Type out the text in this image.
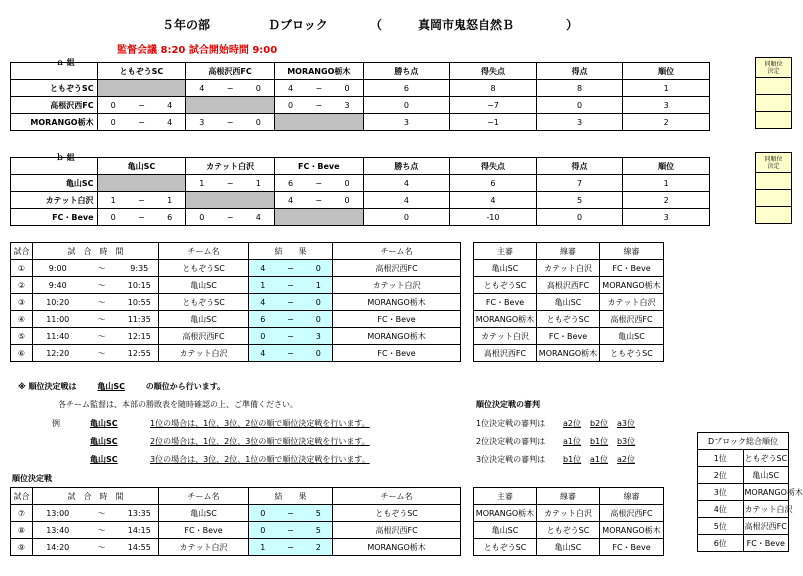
５年の部	Ｄブロック	（	真岡市鬼怒自然Ｂ	）
監督会議 8:20 試合開始時間 9:00
ａ 組
	ともぞうSC			高根沢西FC			MORANGO栃木			勝ち点	得失点	得点	順位
ともぞうSC				4	−	0	4	−	0	6	8	8	1
高根沢西FC	0	−	4				0	−	3	0	−7	0	3
MORANGO栃木	0	−	4	3	−	0				3	−1	3	2
ｂ 組
	亀山SC			カテット白沢			FC・Beve			勝ち点	得失点	得点	順位
亀山SC				1	−	1	6	−	0	4	6	7	1
カテット白沢	1	−	1				4	−	0	4	4	5	2
FC・Beve	0	−	6	0	−	4				0	-10	0	3
同順位
決定

同順位
決定

試合	試　合　時　間			チーム名	結　　果			チーム名
①	9:00	〜	9:35	ともぞうSC	4	−	0	高根沢西FC
②	9:40	〜	10:15	亀山SC	1	−	1	カテット白沢
③	10:20	〜	10:55	ともぞうSC	4	−	0	MORANGO栃木
④	11:00	〜	11:35	亀山SC	6	−	0	FC・Beve
⑤	11:40	〜	12:15	高根沢西FC	0	−	3	MORANGO栃木
⑥	12:20	〜	12:55	カテット白沢	4	−	0	FC・Beve
主審	線審	線審
亀山SC	カテット白沢	FC・Beve
ともぞうSC	高根沢西FC	MORANGO栃木
FC・Beve	亀山SC	カテット白沢
MORANGO栃木	ともぞうSC	高根沢西FC
カテット白沢	FC・Beve	亀山SC
高根沢西FC	MORANGO栃木	ともぞうSC
※ 順位決定戦は	亀山SC	の順位から行います。
各チーム監督は、本部の勝敗表を随時確認の上、ご準備ください。
例	亀山SC	1位の場合は、1位、3位、2位の順で順位決定戦を行います。
亀山SC	2位の場合は、1位、2位、3位の順で順位決定戦を行います。
亀山SC	3位の場合は、3位、2位、1位の順で順位決定戦を行います。
順位決定戦の審判
1位決定戦の審判は a2位 b2位 a3位
2位決定戦の審判は a1位 b1位 b3位
3位決定戦の審判は b1位 a1位 a2位
順位決定戦
試合	試　合　時　間			チーム名	結　　果			チーム名
⑦	13:00	〜	13:35	亀山SC	0	−	5	ともぞうSC
⑧	13:40	〜	14:15	FC・Beve	0	−	5	高根沢西FC
⑨	14:20	〜	14:55	カテット白沢	1	−	2	MORANGO栃木
主審	線審	線審
MORANGO栃木	カテット白沢	高根沢西FC
亀山SC	ともぞうSC	MORANGO栃木
ともぞうSC	亀山SC	FC・Beve
Dブロック総合順位	
1位	ともぞうSC
2位	亀山SC
3位	MORANGO栃木
4位	カテット白沢
5位	高根沢西FC
6位	FC・Beve
